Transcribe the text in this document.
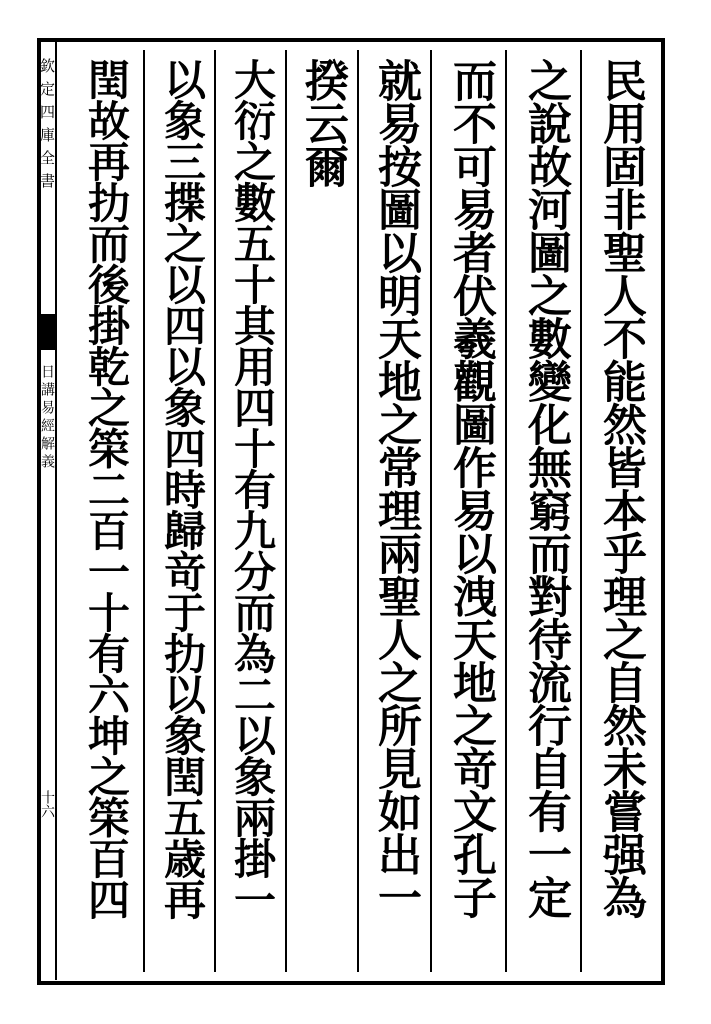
欽定四庫全書
日講易經解義
十六	民用固非聖人不能然皆本乎理之自然未嘗强為
之說故河圖之數變化無窮而對待流行自有一定
而不可易者伏羲觀圖作易以洩天地之竒文孔子
就易按圖以明天地之常理兩聖人之所見如出一
揆云爾
大衍之數五十其用四十有九分而為二以象兩掛一
以象三揲之以四以象四時歸竒于扐以象閏五歳再
閏故再扐而後掛乾之筞二百一十有六坤之筞百四
